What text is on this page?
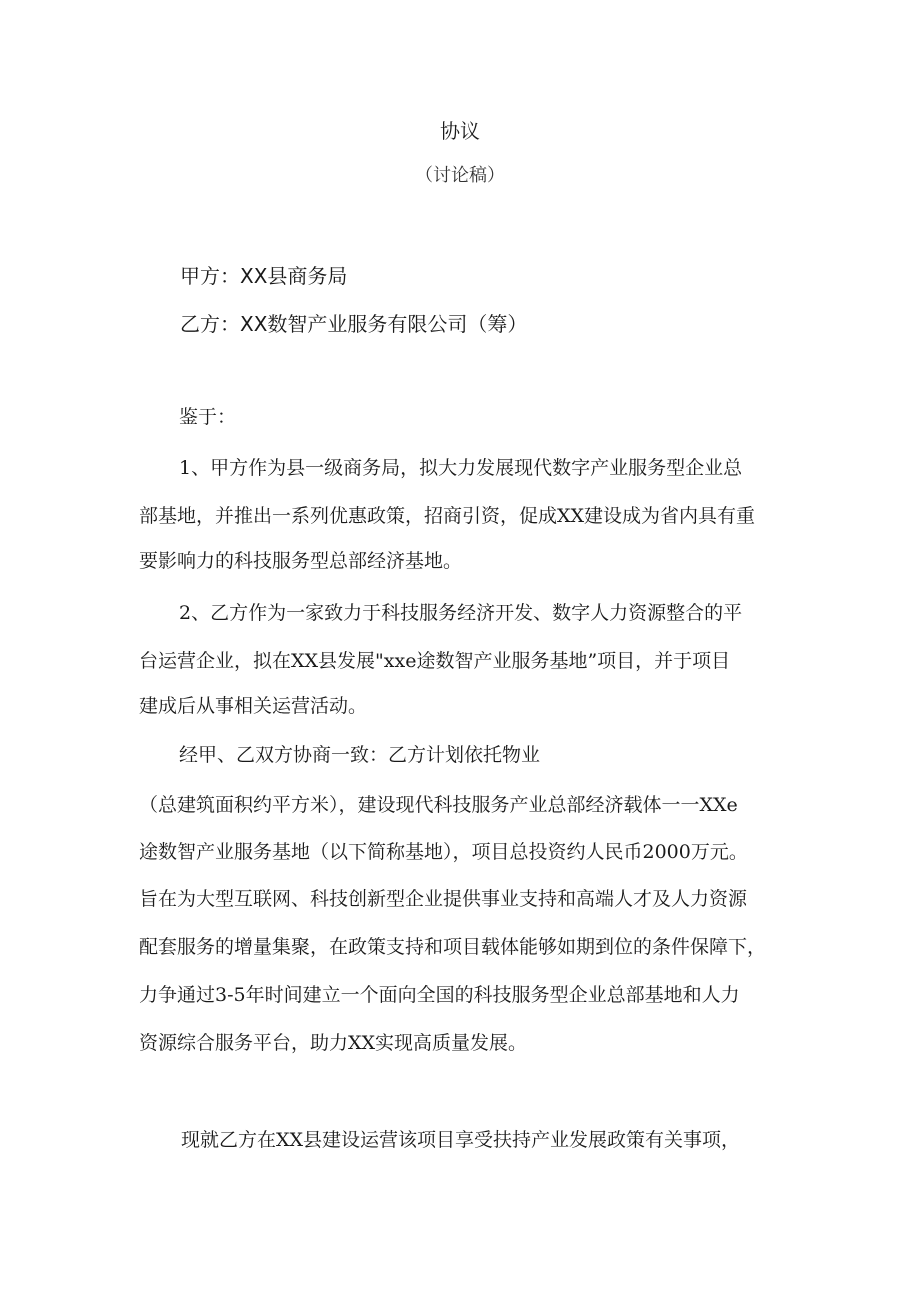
协议
（讨论稿）
甲方：XX县商务局
乙方：XX数智产业服务有限公司（筹）
鉴于：
1、甲方作为县一级商务局，拟大力发展现代数字产业服务型企业总
部基地，并推出一系列优惠政策，招商引资，促成XX建设成为省内具有重
要影响力的科技服务型总部经济基地。
2、乙方作为一家致力于科技服务经济开发、数字人力资源整合的平
台运营企业，拟在XX县发展"xxe途数智产业服务基地”项目，并于项目
建成后从事相关运营活动。
经甲、乙双方协商一致：乙方计划依托物业
（总建筑面积约平方米），建设现代科技服务产业总部经济载体一一XXe
途数智产业服务基地（以下简称基地），项目总投资约人民币2000万元。
旨在为大型互联网、科技创新型企业提供事业支持和高端人才及人力资源
配套服务的增量集聚，在政策支持和项目载体能够如期到位的条件保障下，
力争通过3-5年时间建立一个面向全国的科技服务型企业总部基地和人力
资源综合服务平台，助力XX实现高质量发展。
现就乙方在XX县建设运营该项目享受扶持产业发展政策有关事项，
